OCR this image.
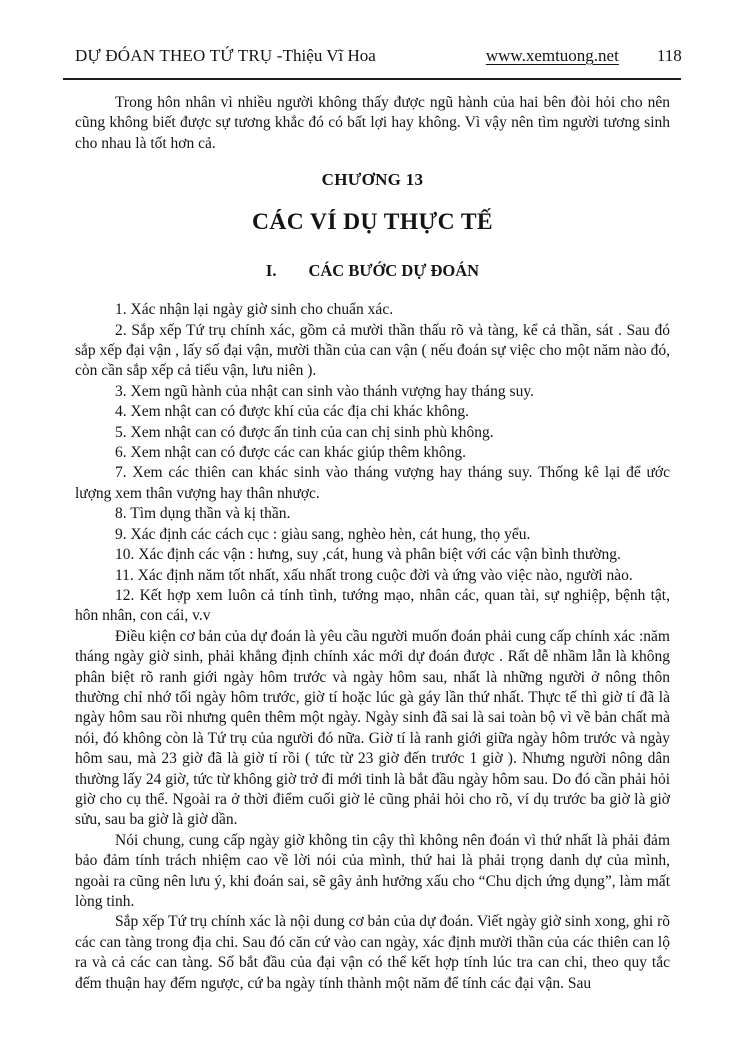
DỰ ĐÓAN THEO TỨ TRỤ - Thiệu Vĩ Hoa	www.xemtuong.net 118

Trong hôn nhân vì nhiều người không thấy được ngũ hành của hai bên đòi hỏi cho nên cũng không biết được sự tương khắc đó có bất lợi hay không. Vì vậy nên tìm người tương sinh cho nhau là tốt hơn cả.

CHƯƠNG 13
CÁC VÍ DỤ THỰC TẾ
I. CÁC BƯỚC DỰ ĐOÁN

1. Xác nhận lại ngày giờ sinh cho chuẩn xác.

2. Sắp xếp Tứ trụ chính xác, gồm cả mười thần thấu rõ và tàng, kể cả thần, sát . Sau đó sắp xếp đại vận , lấy số đại vận, mười thần của can vận ( nếu đoán sự việc cho một năm nào đó, còn cần sắp xếp cả tiểu vận, lưu niên ).

3. Xem ngũ hành của nhật can sinh vào thánh vượng hay tháng suy.

4. Xem nhật can có được khí của các địa chi khác không.

5. Xem nhật can có được ấn tinh của can chị sinh phù không.

6. Xem nhật can có được các can khác giúp thêm không.

7. Xem các thiên can khác sinh vào tháng vượng hay tháng suy. Thống kê lại để ước lượng xem thân vượng hay thân nhược.

8. Tìm dụng thần và kị thần.

9. Xác định các cách cục : giàu sang, nghèo hèn, cát hung, thọ yểu.

10. Xác định các vận : hưng, suy ,cát, hung và phân biệt với các vận bình thường.

11. Xác định năm tốt nhất, xấu nhất trong cuộc đời và ứng vào việc nào, người nào.

12. Kết hợp xem luôn cả tính tình, tướng mạo, nhân các, quan tài, sự nghiệp, bệnh tật, hôn nhân, con cái, v.v

Điều kiện cơ bản của dự đoán là yêu cầu người muốn đoán phải cung cấp chính xác :năm tháng ngày giờ sinh, phải khẳng định chính xác mới dự đoán được . Rất dễ nhầm lẫn là không phân biệt rõ ranh giới ngày hôm trước và ngày hôm sau, nhất là những người ở nông thôn thường chỉ nhớ tối ngày hôm trước, giờ tí hoặc lúc gà gáy lần thứ nhất. Thực tế thì giờ tí đã là ngày hôm sau rồi nhưng quên thêm một ngày. Ngày sinh đã sai là sai toàn bộ vì về bản chất mà nói, đó không còn là Tứ trụ của người đó nữa. Giờ tí là ranh giới giữa ngày hôm trước và ngày hôm sau, mà 23 giờ đã là giờ tí rồi ( tức từ 23 giờ đến trước 1 giờ ). Nhưng người nông dân thường lấy 24 giờ, tức từ không giờ trở đi mới tinh là bắt đầu ngày hôm sau. Do đó cần phải hỏi giờ cho cụ thể. Ngoài ra ở thời điểm cuối giờ lẻ cũng phải hỏi cho rõ, ví dụ trước ba giờ là giờ sửu, sau ba giờ là giờ dần.

Nói chung, cung cấp ngày giờ không tin cậy thì không nên đoán vì thứ nhất là phải đảm bảo đảm tính trách nhiệm cao về lời nói của mình, thứ hai là phải trọng danh dự của mình, ngoài ra cũng nên lưu ý, khi đoán sai, sẽ gây ảnh hưởng xấu cho “Chu dịch ứng dụng”, làm mất lòng tinh.

Sắp xếp Tứ trụ chính xác là nội dung cơ bản của dự đoán. Viết ngày giờ sinh xong, ghi rõ các can tàng trong địa chi. Sau đó căn cứ vào can ngày, xác định mười thần của các thiên can lộ ra và cả các can tàng. Số bắt đầu của đại vận có thể kết hợp tính lúc tra can chi, theo quy tắc đếm thuận hay đếm ngược, cứ ba ngày tính thành một năm để tính các đại vận. Sau
